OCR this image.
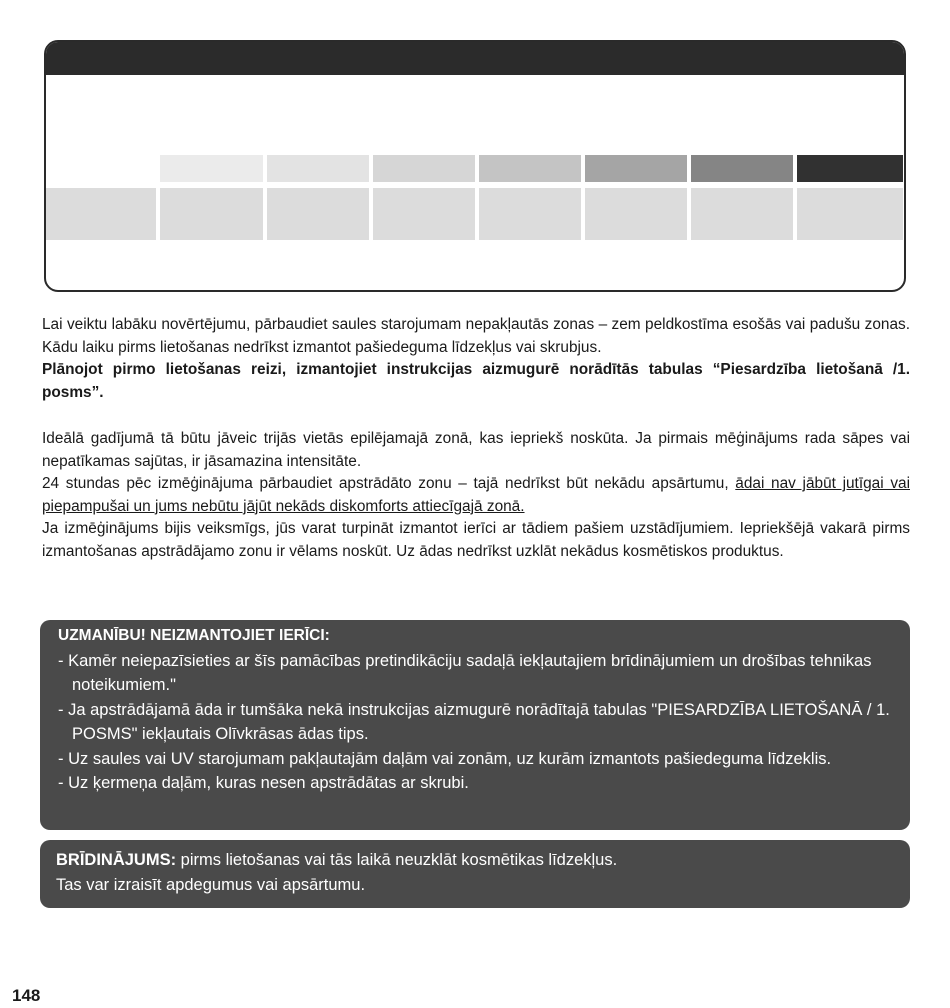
Lai veiktu labāku novērtējumu, pārbaudiet saules starojumam nepakļautās zonas – zem peldkostīma esošās vai padušu zonas. Kādu laiku pirms lietošanas nedrīkst izmantot pašiedeguma līdzekļus vai skrubjus.
Plānojot pirmo lietošanas reizi, izmantojiet instrukcijas aizmugurē norādītās tabulas “Piesardzība lietošanā /1. posms”.

Ideālā gadījumā tā būtu jāveic trijās vietās epilējamajā zonā, kas iepriekš noskūta. Ja pirmais mēģinājums rada sāpes vai nepatīkamas sajūtas, ir jāsamazina intensitāte.
24 stundas pēc izmēģinājuma pārbaudiet apstrādāto zonu – tajā nedrīkst būt nekādu apsārtumu, ādai nav jābūt jutīgai vai piepampušai un jums nebūtu jājūt nekāds diskomforts attiecīgajā zonā.
Ja izmēģinājums bijis veiksmīgs, jūs varat turpināt izmantot ierīci ar tādiem pašiem uzstādījumiem. Iepriekšējā vakarā pirms izmantošanas apstrādājamo zonu ir vēlams noskūt. Uz ādas nedrīkst uzklāt nekādus kosmētiskos produktus.

UZMANĪBU! NEIZMANTOJIET IERĪCI:

- Kamēr neiepazīsieties ar šīs pamācības pretindikāciju sadaļā iekļautajiem brīdinājumiem un drošības tehnikas noteikumiem."
- Ja apstrādājamā āda ir tumšāka nekā instrukcijas aizmugurē norādītajā tabulas "PIESARDZĪBA LIETOŠANĀ / 1. POSMS" iekļautais Olīvkrāsas ādas tips.
- Uz saules vai UV starojumam pakļautajām daļām vai zonām, uz kurām izmantots pašiedeguma līdzeklis.
- Uz ķermeņa daļām, kuras nesen apstrādātas ar skrubi.
BRĪDINĀJUMS: pirms lietošanas vai tās laikā neuzklāt kosmētikas līdzekļus.
Tas var izraisīt apdegumus vai apsārtumu.
148
